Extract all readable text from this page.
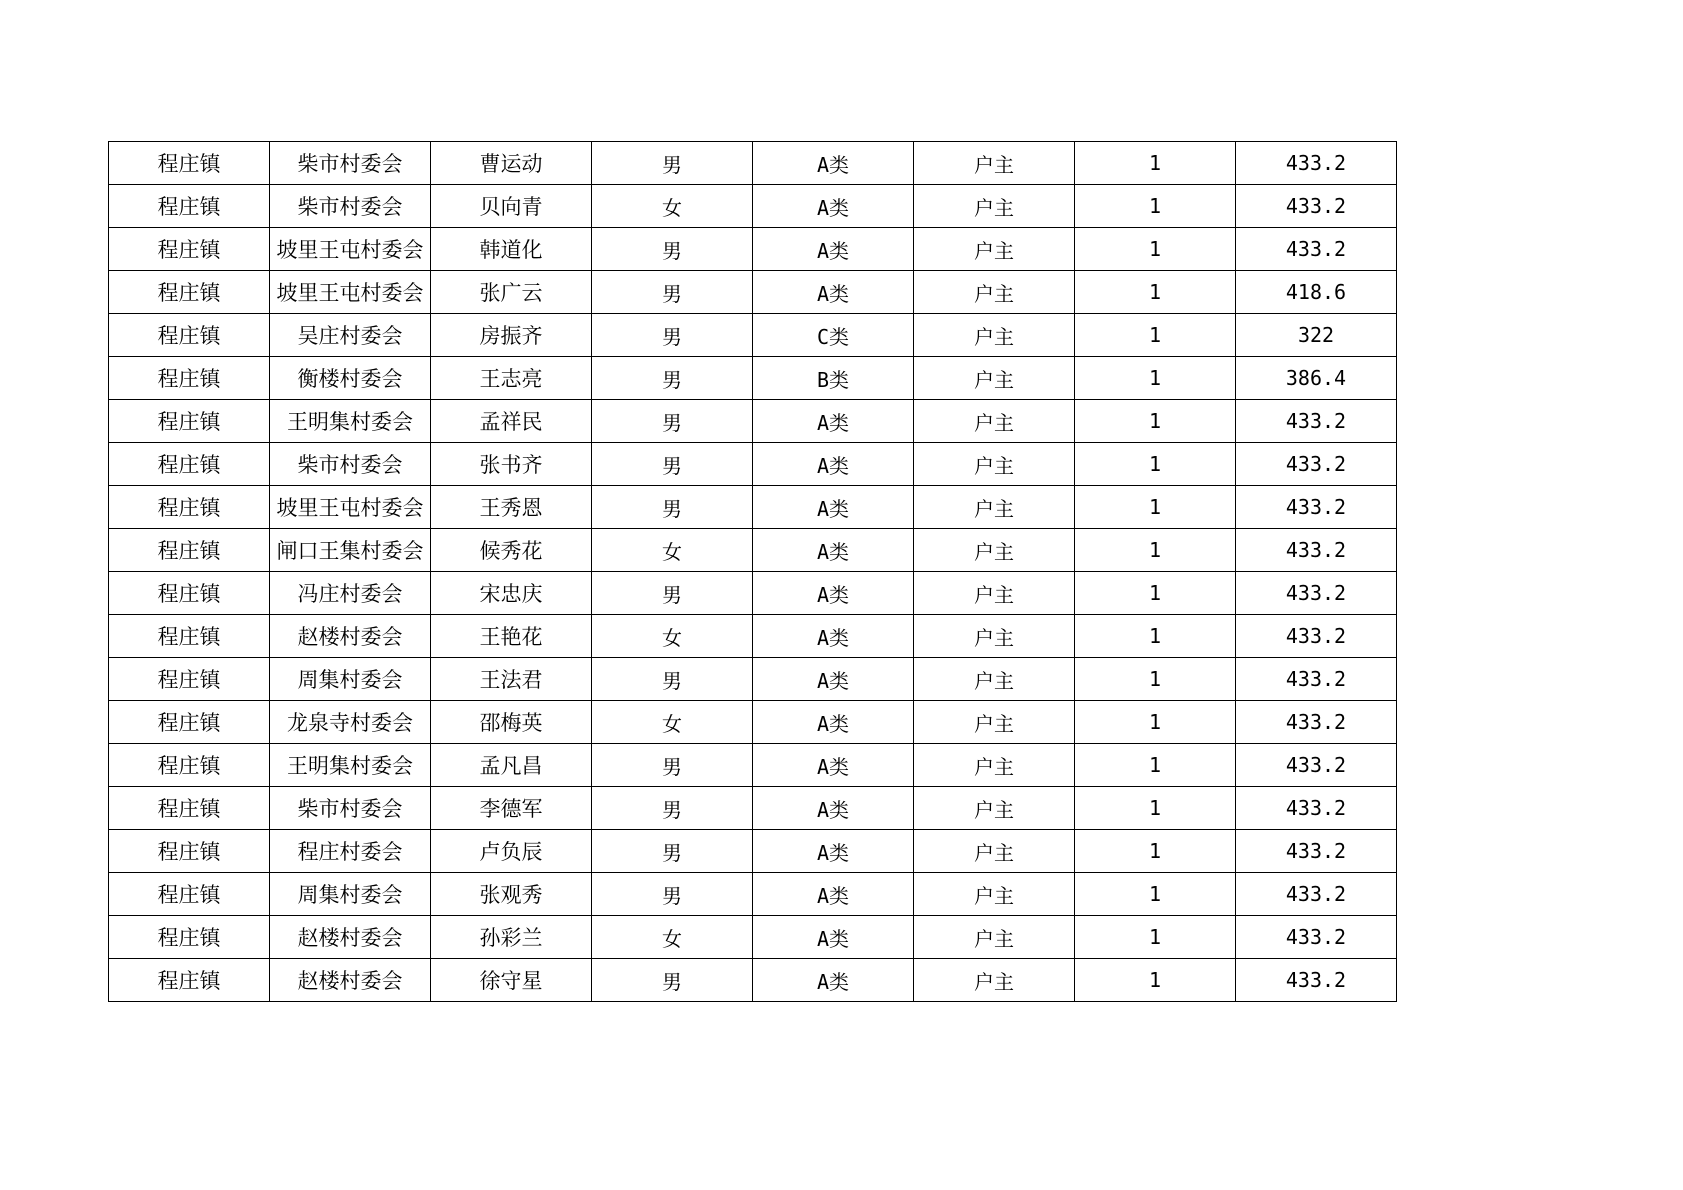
程庄镇	柴市村委会	曹运动	男	A类	户主	1	433.2
程庄镇	柴市村委会	贝向青	女	A类	户主	1	433.2
程庄镇	坡里王屯村委会	韩道化	男	A类	户主	1	433.2
程庄镇	坡里王屯村委会	张广云	男	A类	户主	1	418.6
程庄镇	吴庄村委会	房振齐	男	C类	户主	1	322
程庄镇	衡楼村委会	王志亮	男	B类	户主	1	386.4
程庄镇	王明集村委会	孟祥民	男	A类	户主	1	433.2
程庄镇	柴市村委会	张书齐	男	A类	户主	1	433.2
程庄镇	坡里王屯村委会	王秀恩	男	A类	户主	1	433.2
程庄镇	闸口王集村委会	候秀花	女	A类	户主	1	433.2
程庄镇	冯庄村委会	宋忠庆	男	A类	户主	1	433.2
程庄镇	赵楼村委会	王艳花	女	A类	户主	1	433.2
程庄镇	周集村委会	王法君	男	A类	户主	1	433.2
程庄镇	龙泉寺村委会	邵梅英	女	A类	户主	1	433.2
程庄镇	王明集村委会	孟凡昌	男	A类	户主	1	433.2
程庄镇	柴市村委会	李德军	男	A类	户主	1	433.2
程庄镇	程庄村委会	卢负辰	男	A类	户主	1	433.2
程庄镇	周集村委会	张观秀	男	A类	户主	1	433.2
程庄镇	赵楼村委会	孙彩兰	女	A类	户主	1	433.2
程庄镇	赵楼村委会	徐守星	男	A类	户主	1	433.2
